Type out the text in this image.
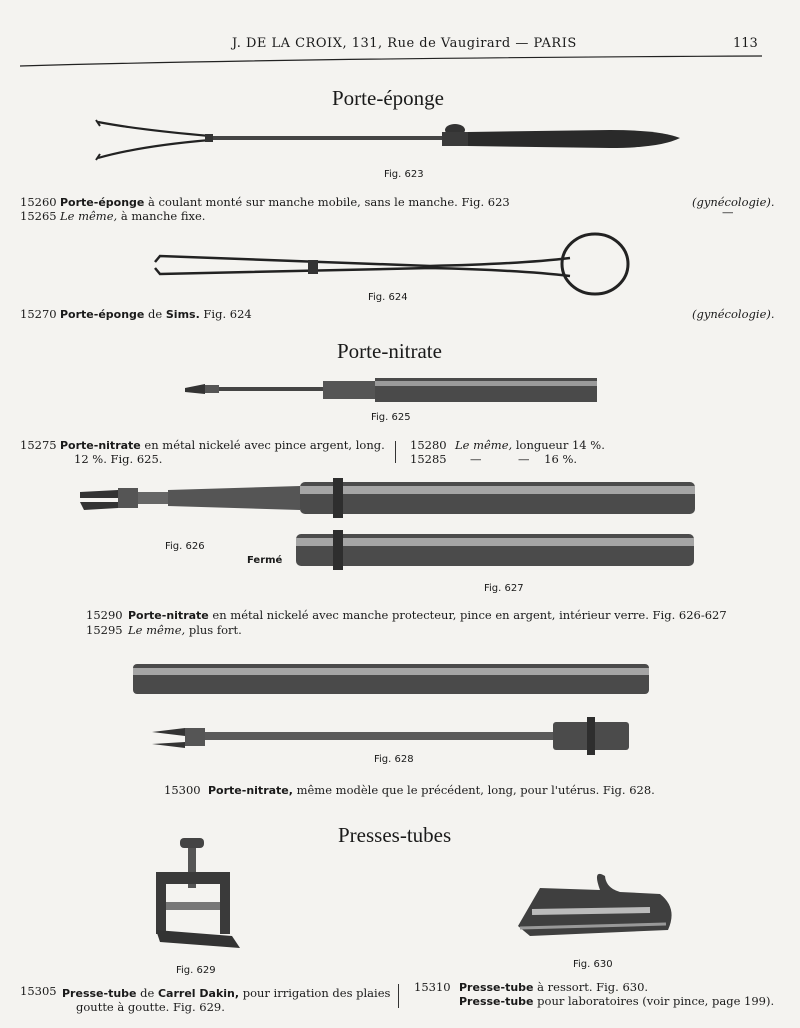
J. DE LA CROIX, 131, Rue de Vaugirard — PARIS	113
Porte-éponge
Fig. 623
15260 Porte-éponge à coulant monté sur manche mobile, sans le manche. Fig. 623	(gynécologie).
15265 Le même, à manche fixe.	—
Fig. 624
15270 Porte-éponge de Sims. Fig. 624	(gynécologie).
Porte-nitrate
Fig. 625
15275 Porte-nitrate en métal nickelé avec pince argent, long.
12 %. Fig. 625.
15280 Le même, longueur 14 %.
15285 —          —    16 %.
Fig. 626
Fermé
Fig. 627
15290 Porte-nitrate en métal nickelé avec manche protecteur, pince en argent, intérieur verre. Fig. 626-627
15295 Le même, plus fort.
Fig. 628
15300 Porte-nitrate, même modèle que le précédent, long, pour l'utérus. Fig. 628.
Presses-tubes
Fig. 629
Fig. 630
15305 Presse-tube de Carrel Dakin, pour irrigation des plaies
goutte à goutte. Fig. 629.
15310 Presse-tube à ressort. Fig. 630.
Presse-tube pour laboratoires (voir pince, page 199).
